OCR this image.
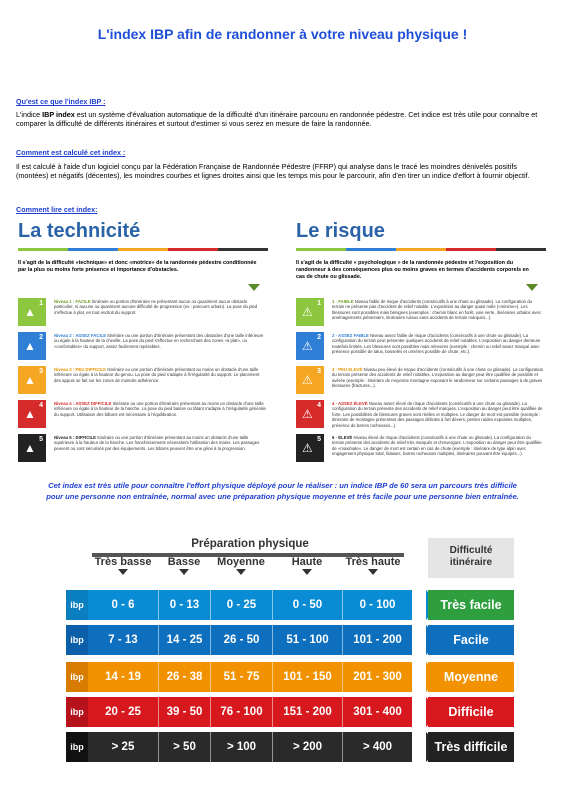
L'index IBP afin de randonner à votre niveau physique !
Qu'est ce que l'index IBP :
L'indice IBP index est un système d'évaluation automatique de la difficulté d'un itinéraire parcouru en randonnée pédestre. Cet indice est très utile pour connaître et comparer la difficulté de différents itinéraires et surtout d'estimer si vous serez en mesure de faire la randonnée.
Comment est calculé cet index :
Il est calculé à l'aide d'un logiciel conçu par la Fédération Française de Randonnée Pédestre (FFRP) qui analyse dans le tracé les moindres dénivelés positifs (montées) et négatifs (décentes), les moindres courbes et lignes droites ainsi que les temps mis pour le parcourir, afin d'en tirer un indice d'effort à fournir objectif.
Comment lire cet index:
La technicité
Il s'agit de la difficulté «technique» et donc «motrice» de la randonnée pédestre conditionnée par la plus ou moins forte présence et importance d'obstacles.
▲
1	Niveau 1 : FACILE Itinéraire ou portion d'itinéraire ne présentant aucun ou quasiment aucun obstacle particulier, ni aucune ou quasiment aucune difficulté de progression (ex : parcours urbain). La pose du pied s'effectue à plat, en tout endroit du support.
▲
2	Niveau 2 : ASSEZ FACILE Itinéraire ou une portion d'itinéraire présentant des obstacles d'une taille inférieure ou égale à la hauteur de la cheville. La pose du pied s'effectue en recherchant des zones «à plat», ou «confortables» du support, assez facilement repérables.
▲
3	Niveau 3 : PEU DIFFICILE Itinéraire ou une portion d'itinéraire présentant au moins un obstacle d'une taille inférieure ou égale à la hauteur du genou. La pose du pied s'adapte à l'irrégularité du support. Le placement des appuis se fait sur les zones de moindre adhérence.
▲
4	Niveau 4 : ASSEZ DIFFICILE Itinéraire ou une portion d'itinéraire présentant au moins un obstacle d'une taille inférieure ou égale à la hauteur de la hanche. La pose du pied baisse ou tâtant s'adapte à l'irrégularité générale du support. Utilisation des bâtons est nécessaire à l'équilibration.
▲
5	Niveau 5 : DIFFICILE Itinéraire ou une portion d'itinéraire présentant au moins un obstacle d'une taille supérieure à la hauteur de la hanche. Les franchissements nécessitent l'utilisation des mains. Les passages peuvent ou sont sécurisés par des équipements. Les bâtons peuvent être une gêne à la progression.
Le risque
Il s'agit de la difficulté « psychologique » de la randonnée pédestre et l'exposition du randonneur à des conséquences plus ou moins graves en termes d'accidents corporels en cas de chute ou glissade.
⚠
1	1 · FAIBLE Niveau faible de risque d'accidents (consécutifs à une chute ou glissade). La configuration du terrain ne présente pas d'accident de relief notable. L'exposition au danger quasi nulle («minime»). Les blessures sont possibles mais bénignes (exemples : chemin blanc en forêt, voie verte, itinéraires urbains avec aménagements piétonniers, itinéraires ruraux sans accidents de terrain marqués...).
⚠
2	2 · ASSEZ FAIBLE Niveau assez faible de risque d'accidents (consécutifs à une chute ou glissade). La configuration du terrain peut présenter quelques accidents de relief notables. L'exposition au danger demeure toutefois limitée. Les blessures sont possibles mais mineures (exemple : chemin ou relief assez marqué avec présence possible de talus, bosselés et ornières possible de chute, etc.).
⚠
3	3 · PEU ÉLEVÉ Niveau peu élevé de risque d'accidents (consécutifs à une chute ou glissade). La configuration du terrain présente des accidents de relief notables. L'exposition au danger peut être qualifiée de possible et avérée (exemple : itinéraire de moyenne montagne exposant le randonneur sur certains passages à de graves blessures (fractures...).
⚠
4	4 · ASSEZ ÉLEVÉ Niveau assez élevé de risque d'accidents (consécutifs à une chute ou glissade). La configuration du terrain présente des accidents de relief marqués. L'exposition au danger peut être qualifiée de forte. Les possibilités de blessures graves sont réelles et multiples. Le danger de mort est possible (exemple : itinéraire de montagne présentant des passages délicats à fort dévers, pentes raides exposées multiples, présence de barres rocheuses...).
⚠
5	5 · ÉLEVÉ Niveau élevé de risque d'accidents (consécutifs à une chute ou glissade). La configuration du terrain présente des accidents de relief très marqués et d'envergure. L'exposition au danger peut être qualifiée de «maximale». Le danger de mort est certain en cas de chute (exemple : itinéraire de type alpin avec engagement physique total, falaises, barres rocheuses multiples, itinéraires pouvant être équipés...).
Cet index est très utile pour connaître l'effort physique déployé pour le réaliser : un indice IBP de 60 sera un parcours très difficile
pour une personne non entraînée, normal avec une préparation physique moyenne et très facile pour une personne bien entraînée.
Préparation physique
Très basse	Basse	Moyenne	Haute	Très haute
Difficulté
itinéraire
ibp	0 - 6	0 - 13	0 - 25	0 - 50	0 - 100	Très facile
ibp	7 - 13	14 - 25	26 - 50	51 - 100	101 - 200	Facile
ibp	14 - 19	26 - 38	51 - 75	101 - 150	201 - 300	Moyenne
ibp	20 - 25	39 - 50	76 - 100	151 - 200	301 - 400	Difficile
ibp	> 25	> 50	> 100	> 200	> 400	Très difficile
